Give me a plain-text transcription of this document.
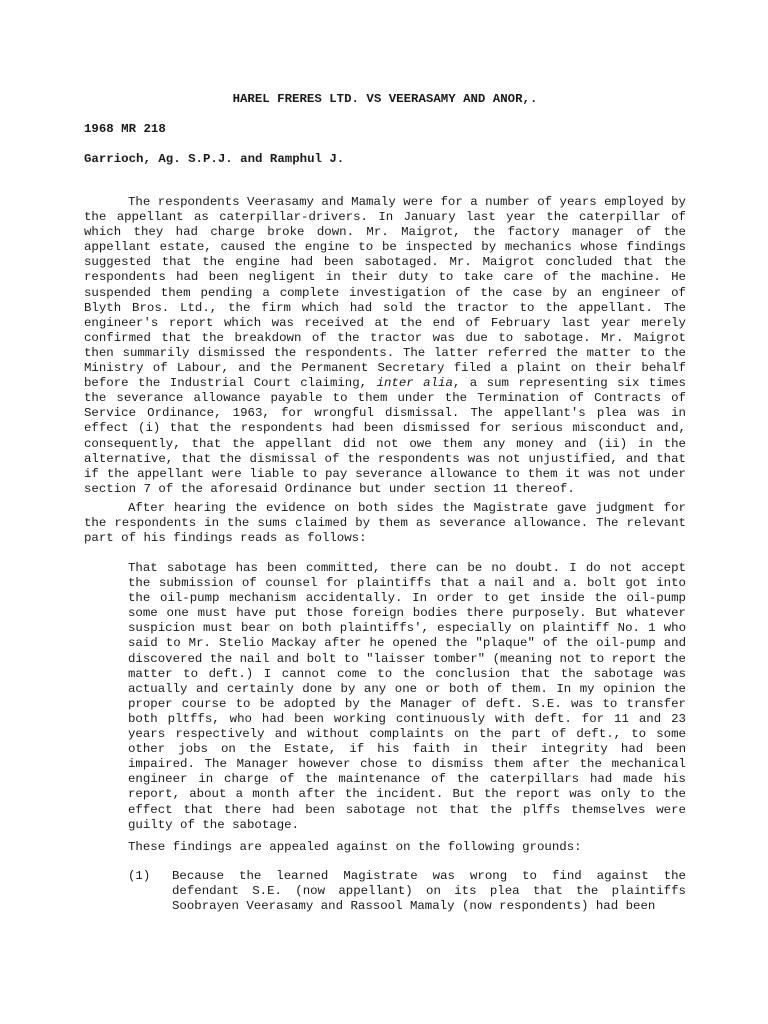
HAREL FRERES LTD. VS VEERASAMY AND ANOR,.

1968 MR 218

Garrioch, Ag. S.P.J. and Ramphul J.

The respondents Veerasamy and Mamaly were for a number of years employed by the appellant as caterpillar-drivers. In January last year the caterpillar of which they had charge broke down. Mr. Maigrot, the factory manager of the appellant estate, caused the engine to be inspected by mechanics whose findings suggested that the engine had been sabotaged. Mr. Maigrot concluded that the respondents had been negligent in their duty to take care of the machine. He suspended them pending a complete investigation of the case by an engineer of Blyth Bros. Ltd., the firm which had sold the tractor to the appellant. The engineer's report which was received at the end of February last year merely confirmed that the breakdown of the tractor was due to sabotage. Mr. Maigrot then summarily dismissed the respondents. The latter referred the matter to the Ministry of Labour, and the Permanent Secretary filed a plaint on their behalf before the Industrial Court claiming, inter alia, a sum representing six times the severance allowance payable to them under the Termination of Contracts of Service Ordinance, 1963, for wrongful dismissal. The appellant's plea was in effect (i) that the respondents had been dismissed for serious misconduct and, consequently, that the appellant did not owe them any money and (ii) in the alternative, that the dismissal of the respondents was not unjustified, and that if the appellant were liable to pay severance allowance to them it was not under section 7 of the aforesaid Ordinance but under section 11 thereof.

After hearing the evidence on both sides the Magistrate gave judgment for the respondents in the sums claimed by them as severance allowance. The relevant part of his findings reads as follows:

That sabotage has been committed, there can be no doubt. I do not accept the submission of counsel for plaintiffs that a nail and a. bolt got into the oil-pump mechanism accidentally. In order to get inside the oil-pump some one must have put those foreign bodies there purposely. But whatever suspicion must bear on both plaintiffs', especially on plaintiff No. 1 who said to Mr. Stelio Mackay after he opened the "plaque" of the oil-pump and discovered the nail and bolt to "laisser tomber" (meaning not to report the matter to deft.) I cannot come to the conclusion that the sabotage was actually and certainly done by any one or both of them. In my opinion the proper course to be adopted by the Manager of deft. S.E. was to transfer both pltffs, who had been working continuously with deft. for 11 and 23 years respectively and without complaints on the part of deft., to some other jobs on the Estate, if his faith in their integrity had been impaired. The Manager however chose to dismiss them after the mechanical engineer in charge of the maintenance of the caterpillars had made his report, about a month after the incident. But the report was only to the effect that there had been sabotage not that the plffs themselves were guilty of the sabotage.

These findings are appealed against on the following grounds:

(1) Because the learned Magistrate was wrong to find against the defendant S.E. (now appellant) on its plea that the plaintiffs Soobrayen Veerasamy and Rassool Mamaly (now respondents) had been
